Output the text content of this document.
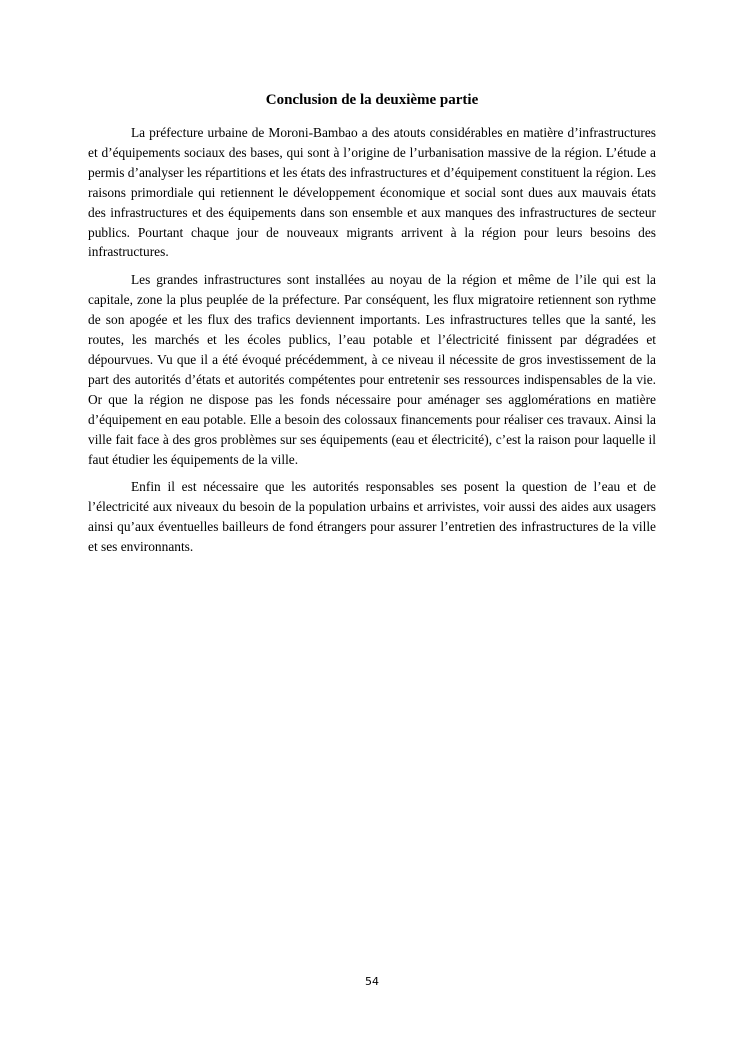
Conclusion de la deuxième partie

La préfecture urbaine de Moroni-Bambao a des atouts considérables en matière d’infrastructures et d’équipements sociaux des bases, qui sont à l’origine de l’urbanisation massive de la région. L’étude a permis d’analyser les répartitions et les états des infrastructures et d’équipement constituent la région. Les raisons primordiale qui retiennent le développement économique et social sont dues aux mauvais états des infrastructures et des équipements dans son ensemble et aux manques des infrastructures de secteur publics. Pourtant chaque jour de nouveaux migrants arrivent à la région pour leurs besoins des infrastructures.

Les grandes infrastructures sont installées au noyau de la région et même de l’ile qui est la capitale, zone la plus peuplée de la préfecture. Par conséquent, les flux migratoire retiennent son rythme de son apogée et les flux des trafics deviennent importants. Les infrastructures telles que la santé, les routes, les marchés et les écoles publics, l’eau potable et l’électricité finissent par dégradées et dépourvues. Vu que il a été évoqué précédemment, à ce niveau il nécessite de gros investissement de la part des autorités d’états et autorités compétentes pour entretenir ses ressources indispensables de la vie. Or que la région ne dispose pas les fonds nécessaire pour aménager ses agglomérations en matière d’équipement en eau potable. Elle a besoin des colossaux financements pour réaliser ces travaux. Ainsi la ville fait face à des gros problèmes sur ses équipements (eau et électricité), c’est la raison pour laquelle il faut étudier les équipements de la ville.

Enfin il est nécessaire que les autorités responsables ses posent la question de l’eau et de l’électricité aux niveaux du besoin de la population urbains et arrivistes, voir aussi des aides aux usagers ainsi qu’aux éventuelles bailleurs de fond étrangers pour assurer l’entretien des infrastructures de la ville et ses environnants.

54
